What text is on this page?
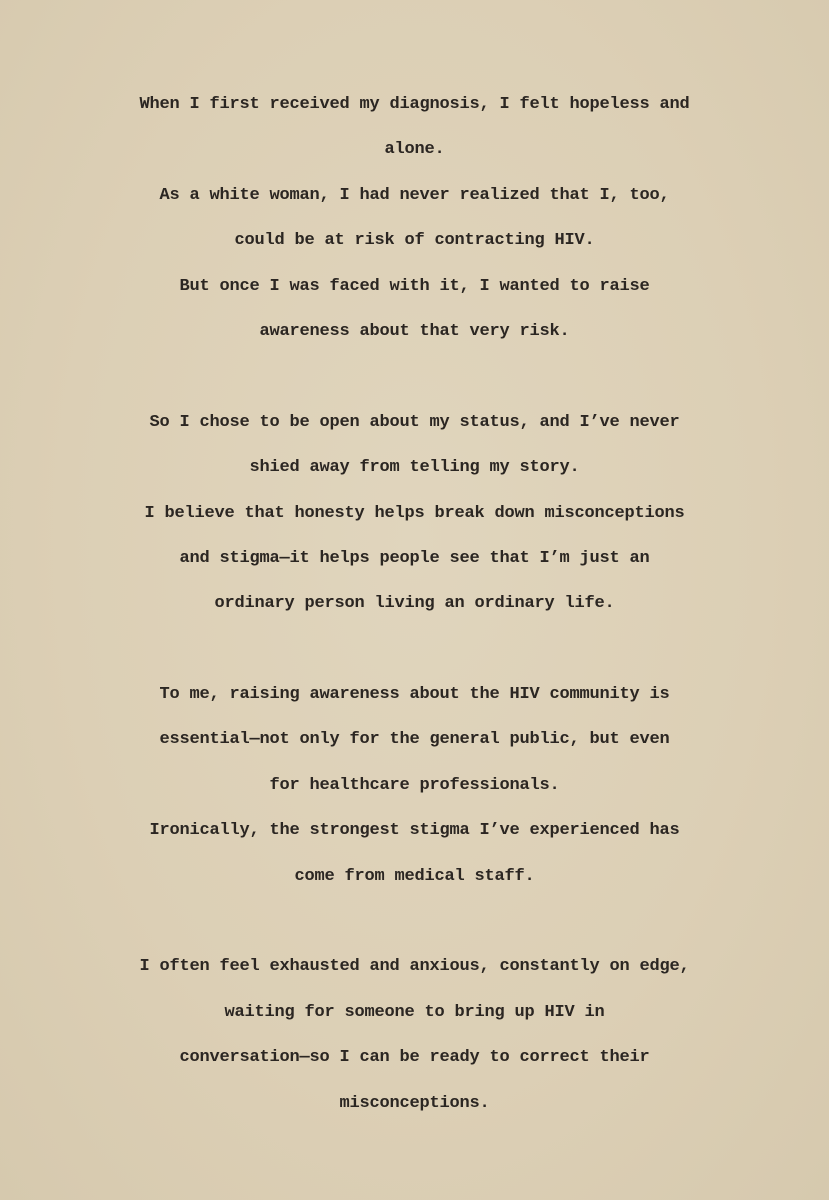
When I first received my diagnosis, I felt hopeless and
alone.
As a white woman, I had never realized that I, too,
could be at risk of contracting HIV.
But once I was faced with it, I wanted to raise
awareness about that very risk.
So I chose to be open about my status, and I’ve never
shied away from telling my story.
I believe that honesty helps break down misconceptions
and stigma—it helps people see that I’m just an
ordinary person living an ordinary life.
To me, raising awareness about the HIV community is
essential—not only for the general public, but even
for healthcare professionals.
Ironically, the strongest stigma I’ve experienced has
come from medical staff.
I often feel exhausted and anxious, constantly on edge,
waiting for someone to bring up HIV in
conversation—so I can be ready to correct their
misconceptions.
